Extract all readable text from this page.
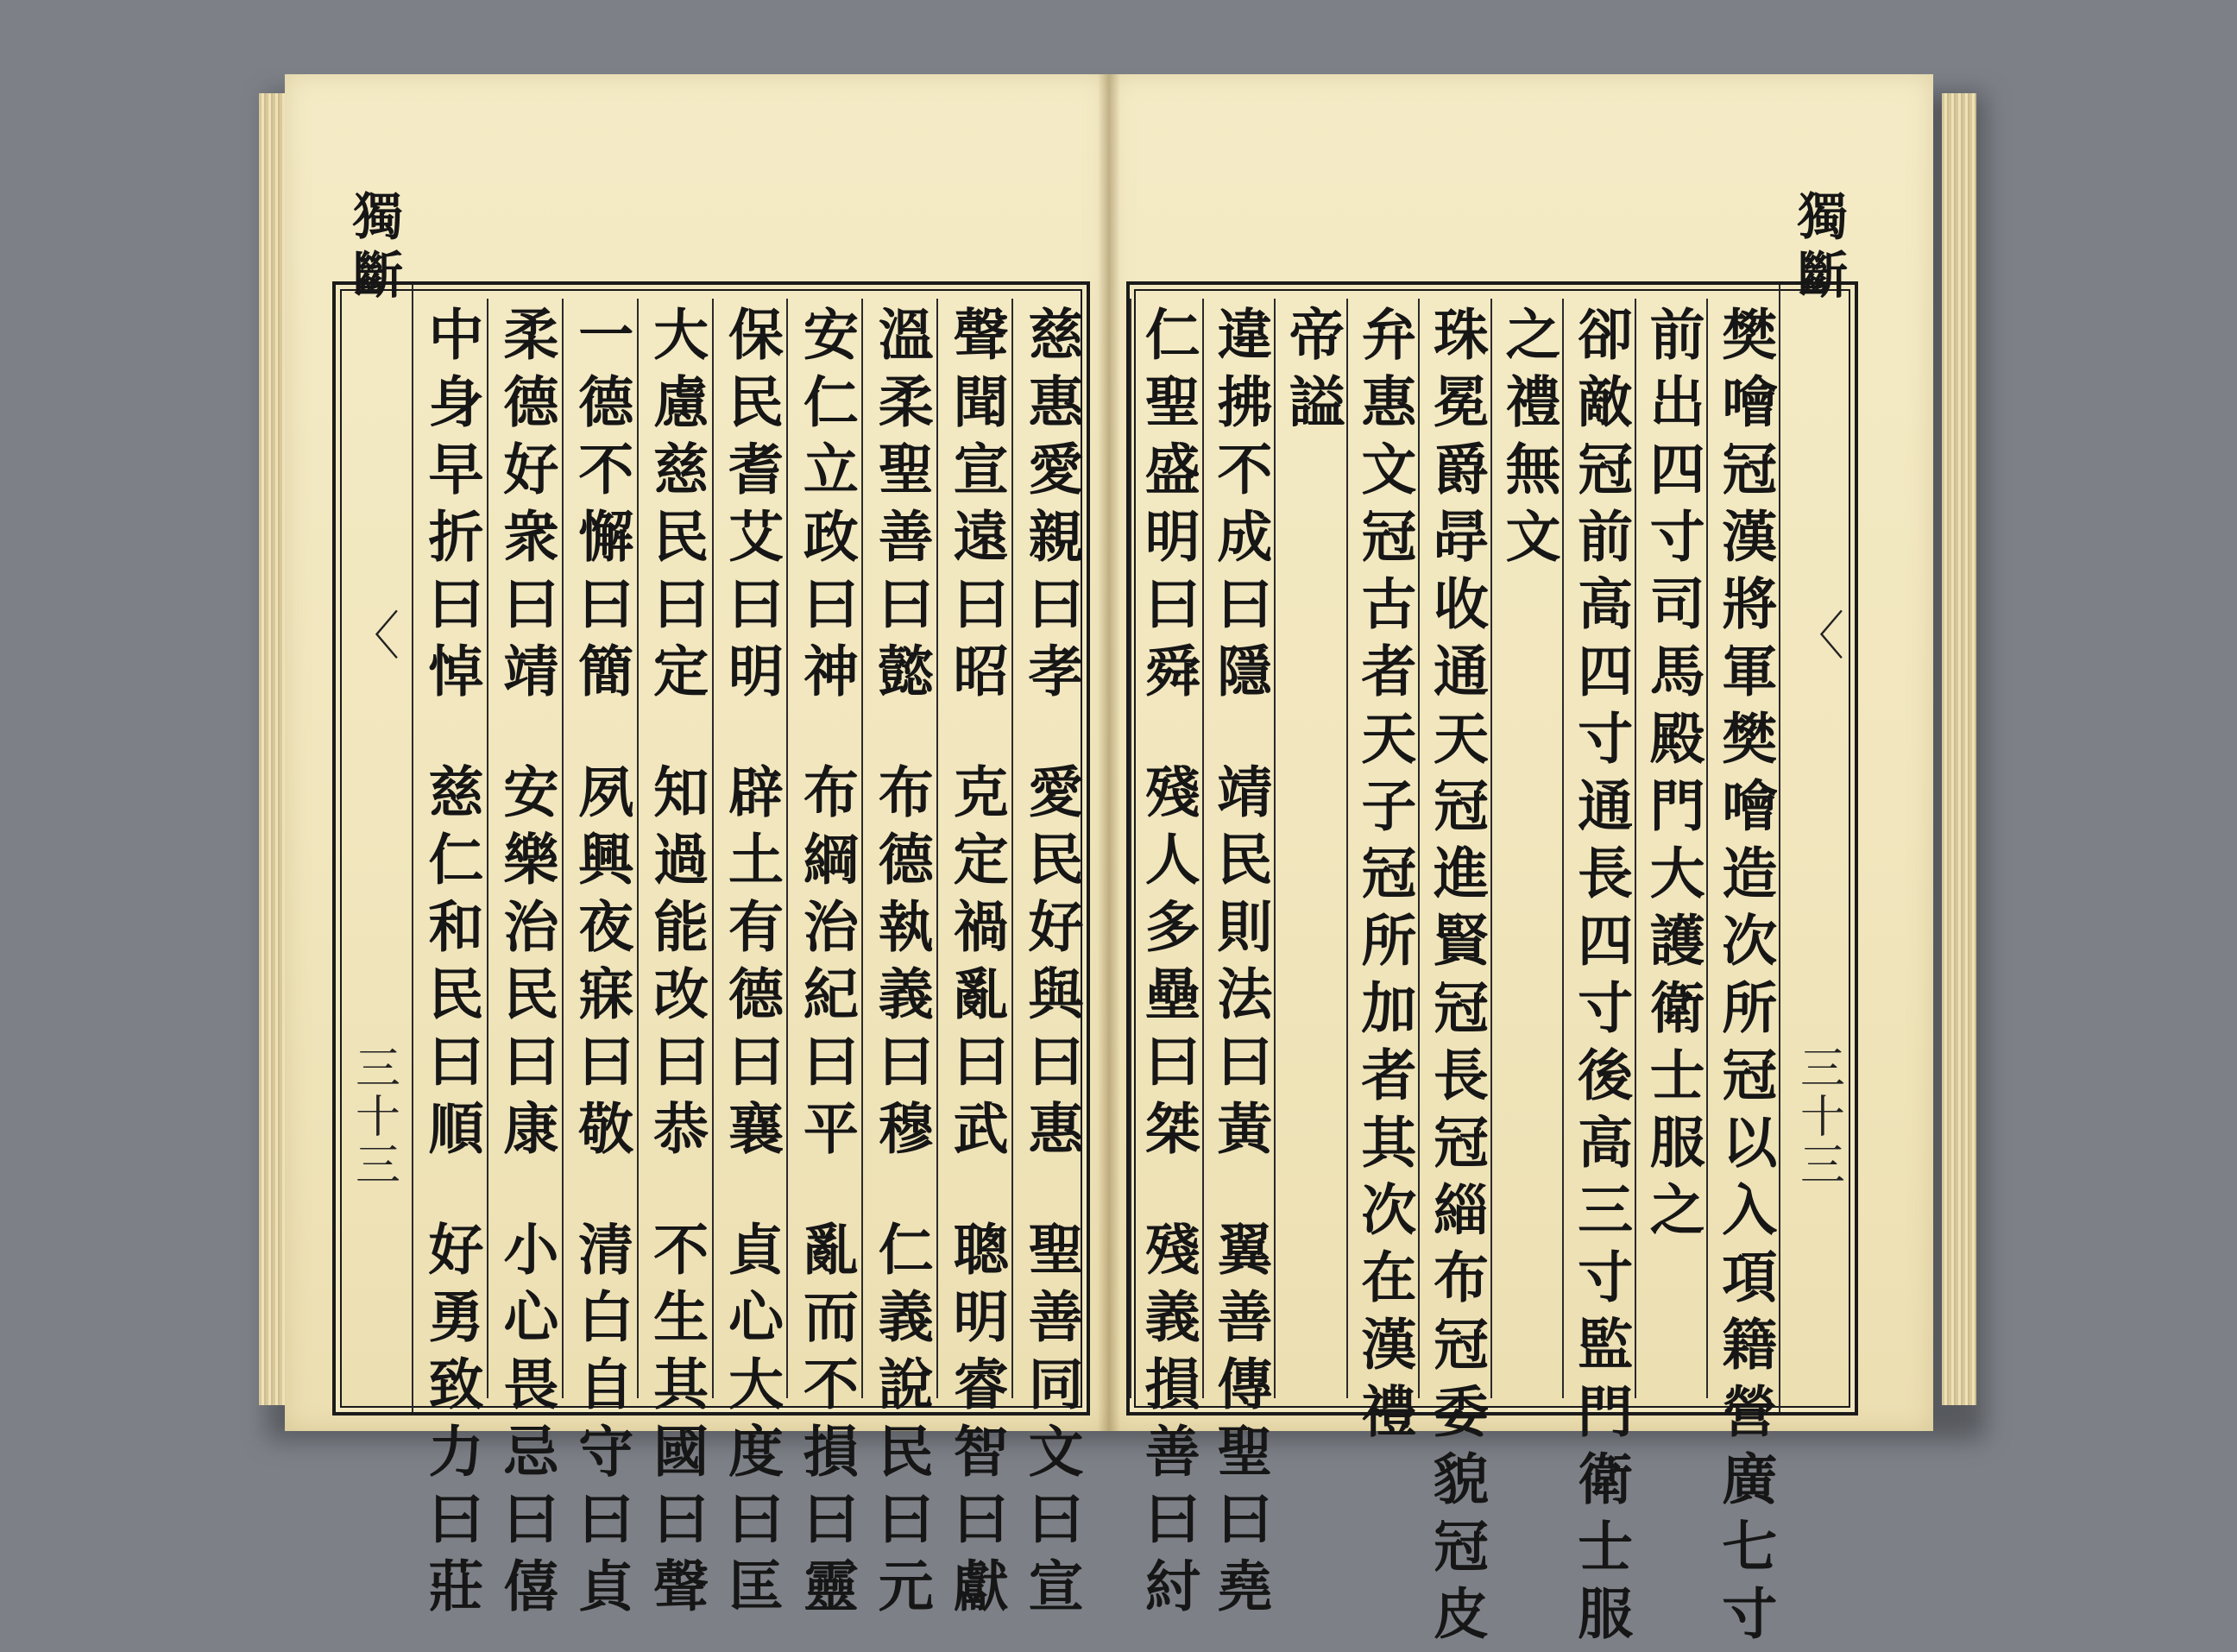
獨斷
〈
三十三
慈惠愛親曰孝愛民好與曰惠聖善同文曰宣
聲聞宣遠曰昭克定禍亂曰武聰明睿智曰獻
溫柔聖善曰懿布德執義曰穆仁義說民曰元
安仁立政曰神布綱治紀曰平亂而不損曰靈
保民耆艾曰明辟土有德曰襄貞心大度曰匡
大慮慈民曰定知過能改曰恭不生其國曰聲
一德不懈曰簡夙興夜寐曰敬清白自守曰貞
柔德好衆曰靖安樂治民曰康小心畏忌曰僖
中身早折曰悼慈仁和民曰順好勇致力曰莊
獨斷
〈
三十三
樊噲冠漢將軍樊噲造次所冠以入項籍營廣七寸
前出四寸司馬殿門大護衛士服之
卻敵冠前高四寸通長四寸後高三寸監門衛士服
之禮無文
珠冕爵冔收通天冠進賢冠長冠緇布冠委貌冠皮
弁惠文冠古者天子冠所加者其次在漢禮
帝謚
違拂不成曰隱靖民則法曰黃翼善傳聖曰堯
仁聖盛明曰舜殘人多壘曰桀殘義損善曰紂
